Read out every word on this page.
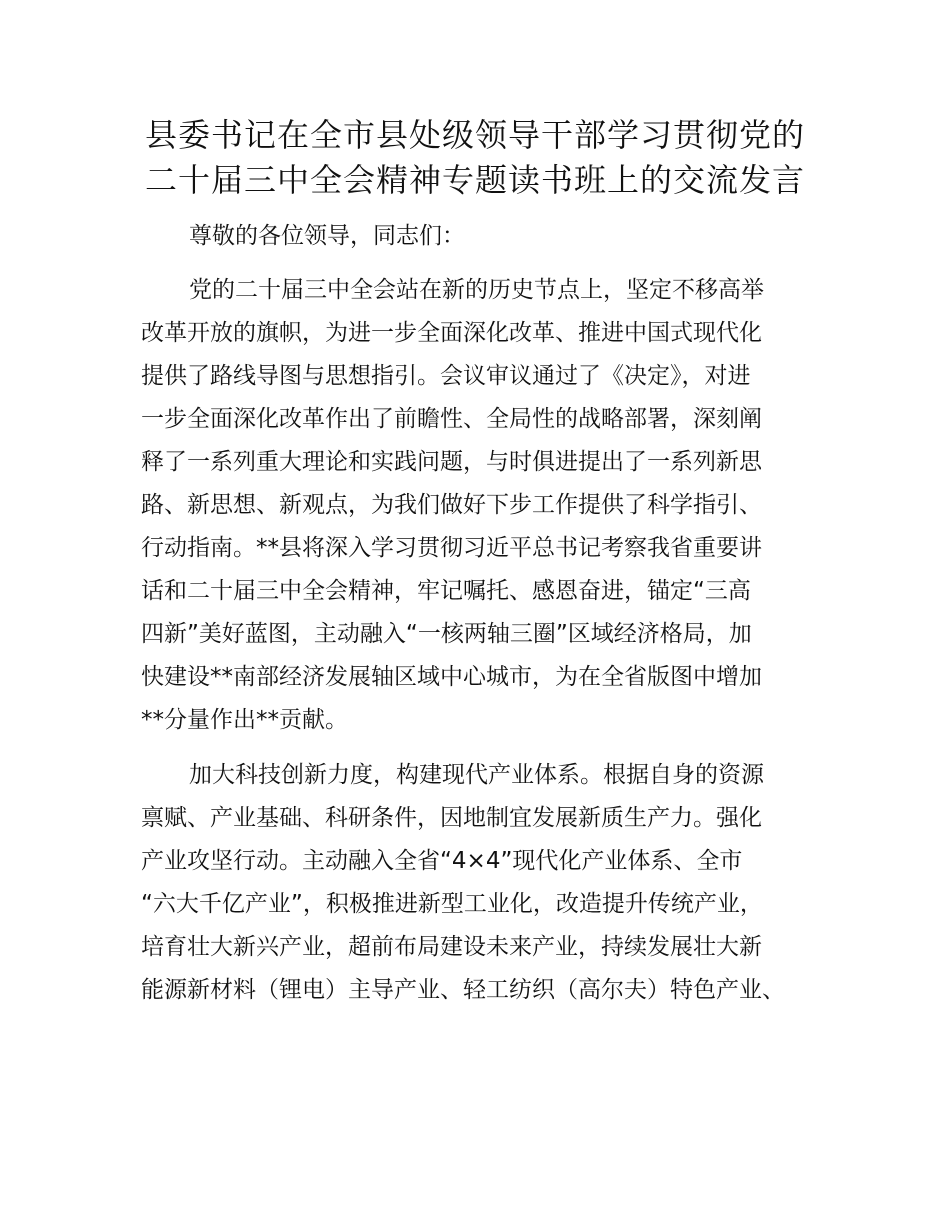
县委书记在全市县处级领导干部学习贯彻党的
二十届三中全会精神专题读书班上的交流发言
尊敬的各位领导，同志们：
党的二十届三中全会站在新的历史节点上，坚定不移高举
改革开放的旗帜，为进一步全面深化改革、推进中国式现代化
提供了路线导图与思想指引。会议审议通过了《决定》，对进
一步全面深化改革作出了前瞻性、全局性的战略部署，深刻阐
释了一系列重大理论和实践问题，与时俱进提出了一系列新思
路、新思想、新观点，为我们做好下步工作提供了科学指引、
行动指南。**县将深入学习贯彻习近平总书记考察我省重要讲
话和二十届三中全会精神，牢记嘱托、感恩奋进，锚定“三高
四新”美好蓝图，主动融入“一核两轴三圈”区域经济格局，加
快建设**南部经济发展轴区域中心城市，为在全省版图中增加
**分量作出**贡献。
加大科技创新力度，构建现代产业体系。根据自身的资源
禀赋、产业基础、科研条件，因地制宜发展新质生产力。强化
产业攻坚行动。主动融入全省“4×4”现代化产业体系、全市
“六大千亿产业”，积极推进新型工业化，改造提升传统产业，
培育壮大新兴产业，超前布局建设未来产业，持续发展壮大新
能源新材料（锂电）主导产业、轻工纺织（高尔夫）特色产业、
